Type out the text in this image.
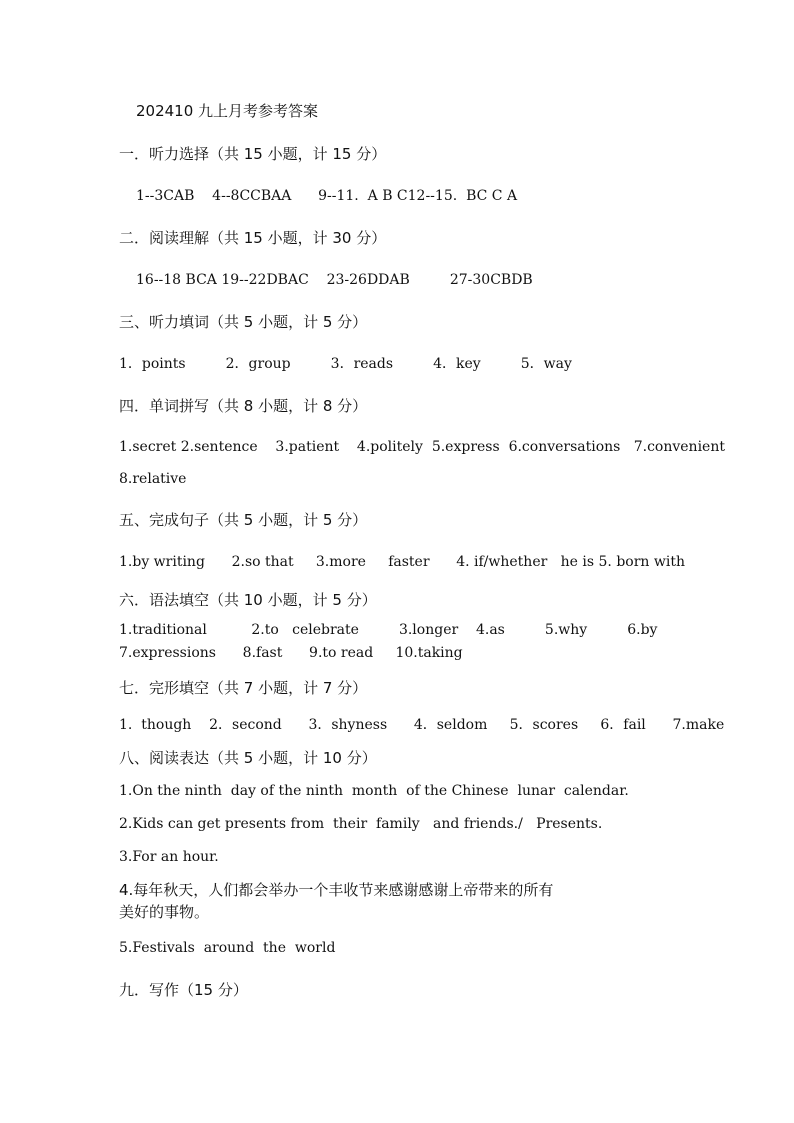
202410 九上月考参考答案
一．听力选择（共 15 小题，计 15 分）
1--3CAB    4--8CCBAA      9--11.  A B C12--15.  BC C A
二．阅读理解（共 15 小题，计 30 分）
16--18 BCA 19--22DBAC    23-26DDAB         27-30CBDB
三、听力填词（共 5 小题，计 5 分）
1．points         2．group         3．reads         4．key         5．way
四．单词拼写（共 8 小题，计 8 分）
1.secret 2.sentence    3.patient    4.politely  5.express  6.conversations   7.convenient
8.relative
五、完成句子（共 5 小题，计 5 分）
1.by writing      2.so that     3.more     faster      4. if/whether   he is 5. born with
六．语法填空（共 10 小题，计 5 分）
1.traditional          2.to   celebrate         3.longer    4.as         5.why         6.by
7.expressions      8.fast      9.to read     10.taking
七．完形填空（共 7 小题，计 7 分）
1.  though    2．second      3．shyness      4．seldom     5．scores     6．fail      7.make
八、阅读表达（共 5 小题，计 10 分）
1.On the ninth  day of the ninth  month  of the Chinese  lunar  calendar.
2.Kids can get presents from  their  family   and friends./   Presents.
3.For an hour.
4.每年秋天，人们都会举办一个丰收节来感谢感谢上帝带来的所有
美好的事物。
5.Festivals  around  the  world
九．写作（15 分）
